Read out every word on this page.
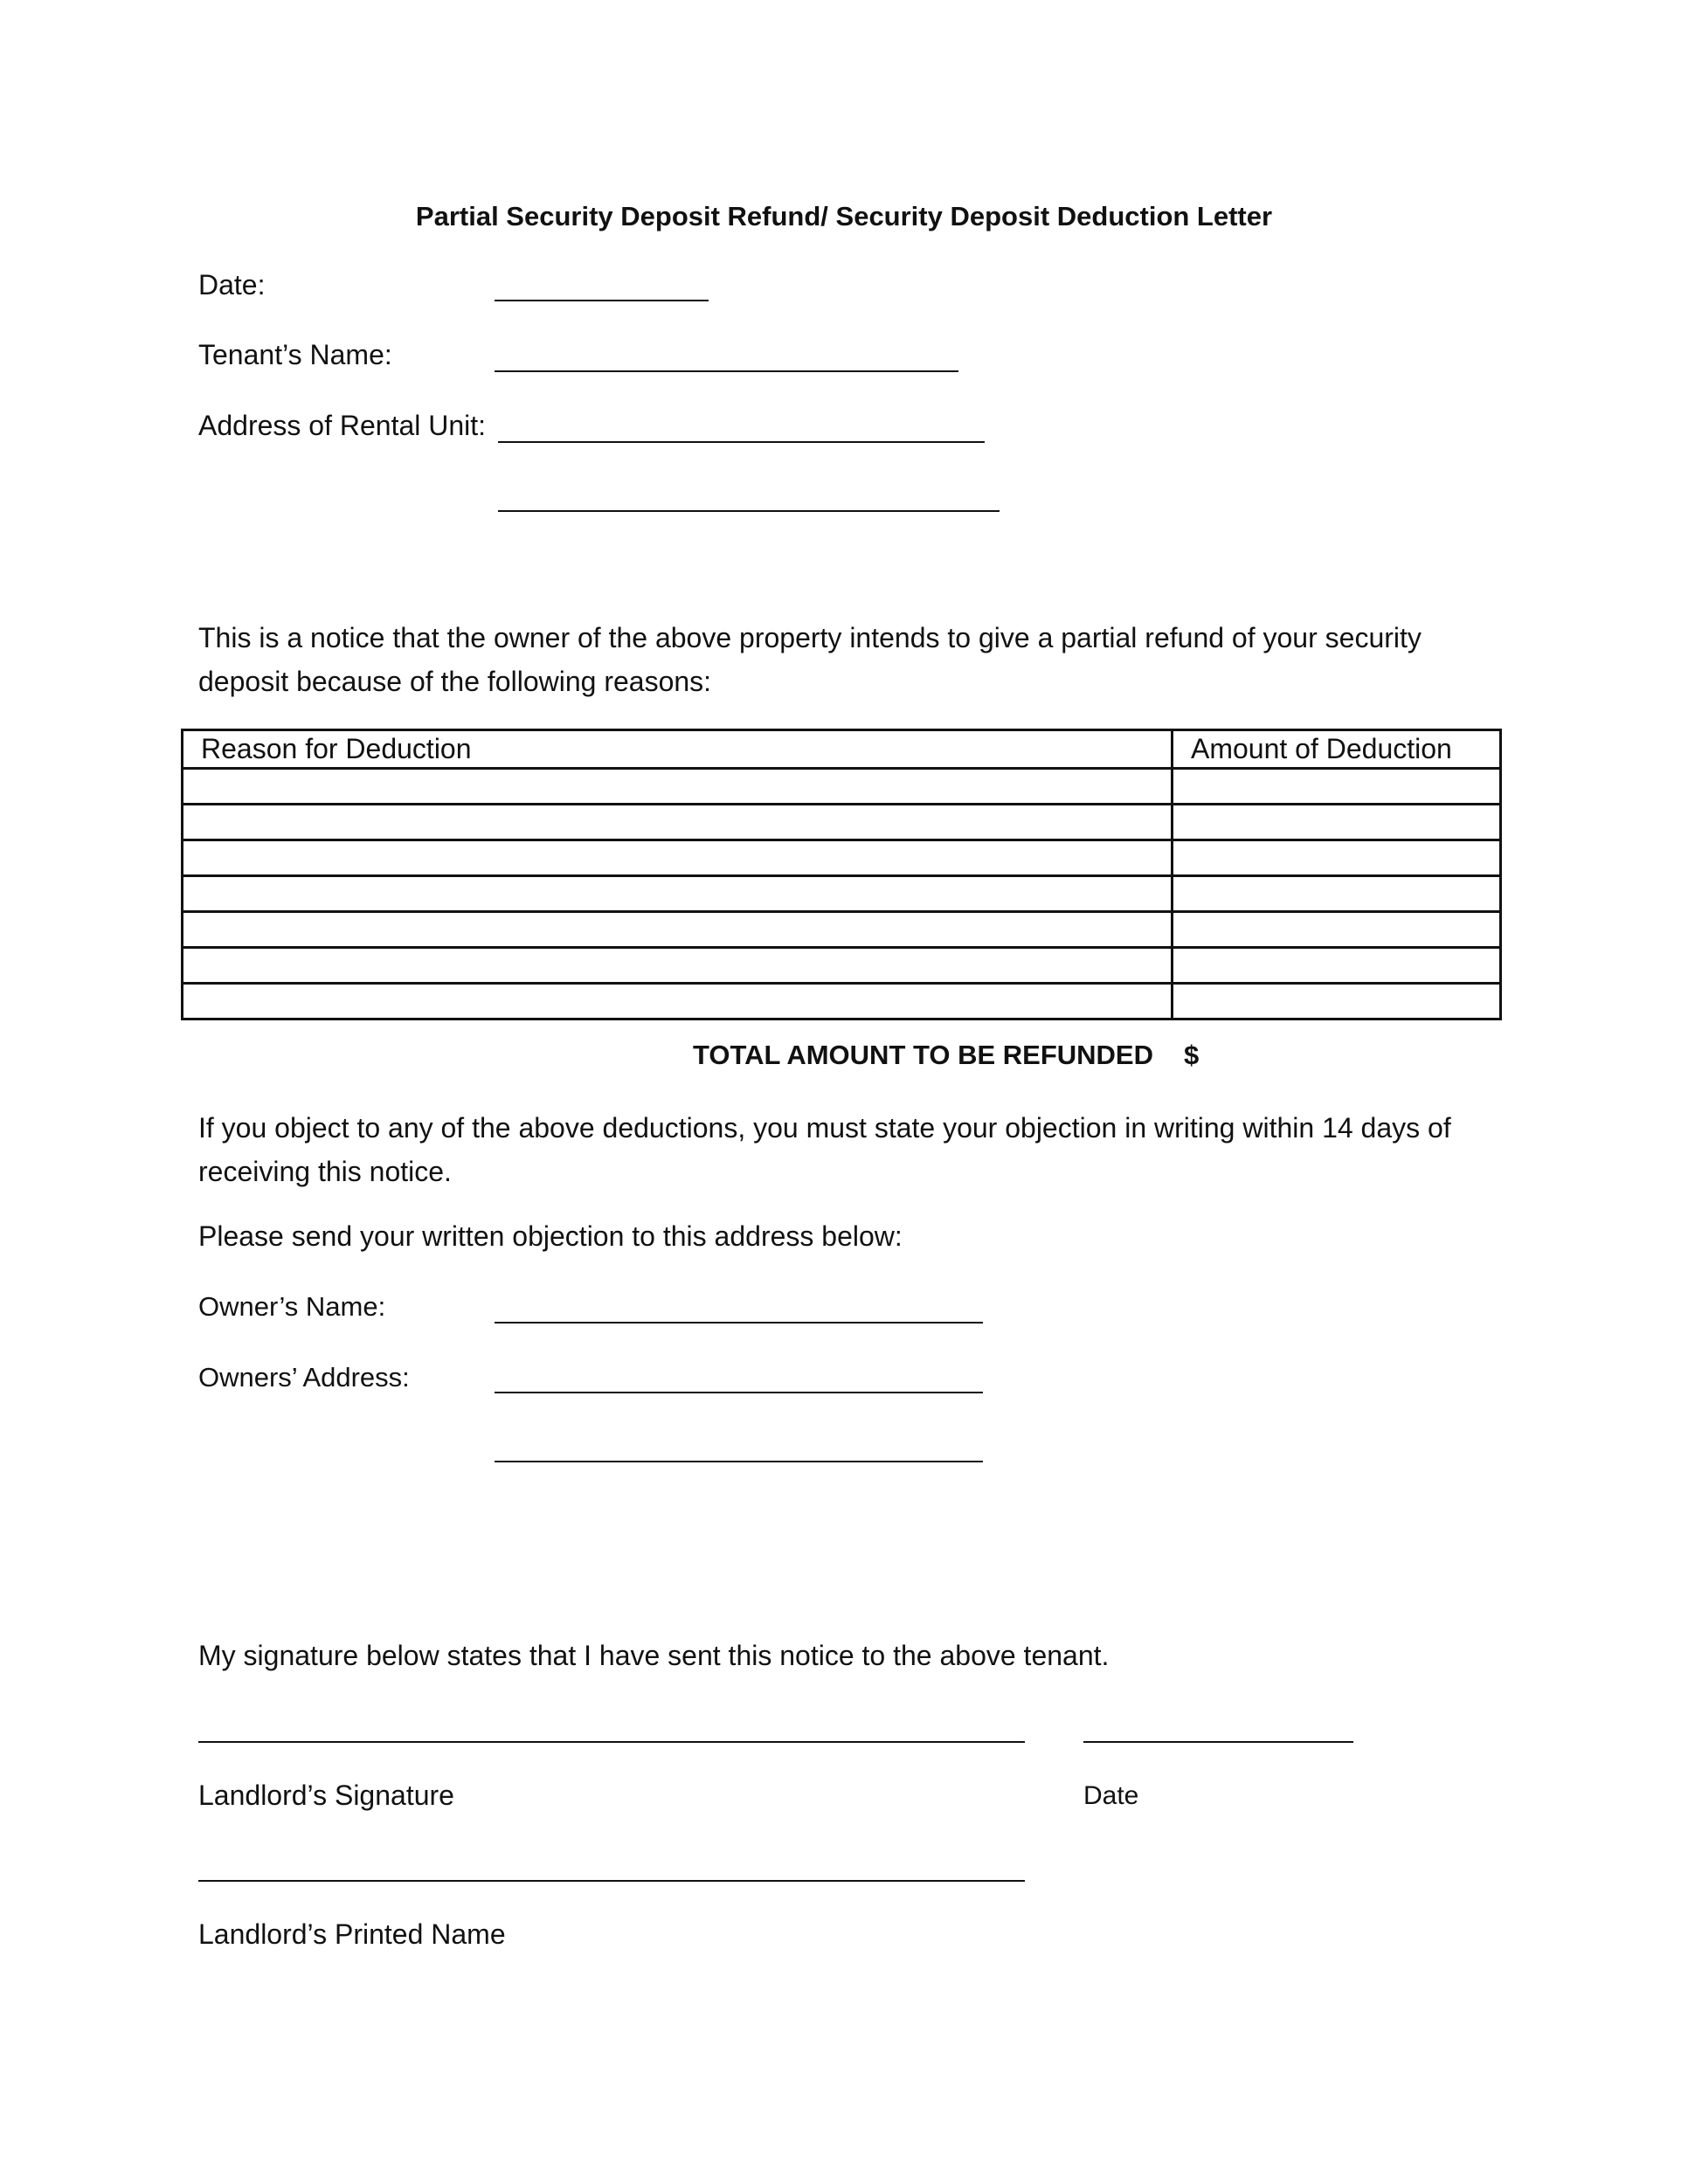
Partial Security Deposit Refund/ Security Deposit Deduction Letter
Date:
Tenant’s Name:
Address of Rental Unit:
This is a notice that the owner of the above property intends to give a partial refund of your security deposit because of the following reasons:
Reason for Deduction	Amount of Deduction

TOTAL AMOUNT TO BE REFUNDED $
If you object to any of the above deductions, you must state your objection in writing within 14 days of receiving this notice.
Please send your written objection to this address below:
Owner’s Name:
Owners’ Address:
My signature below states that I have sent this notice to the above tenant.
Landlord’s Signature	Date
Landlord’s Printed Name
